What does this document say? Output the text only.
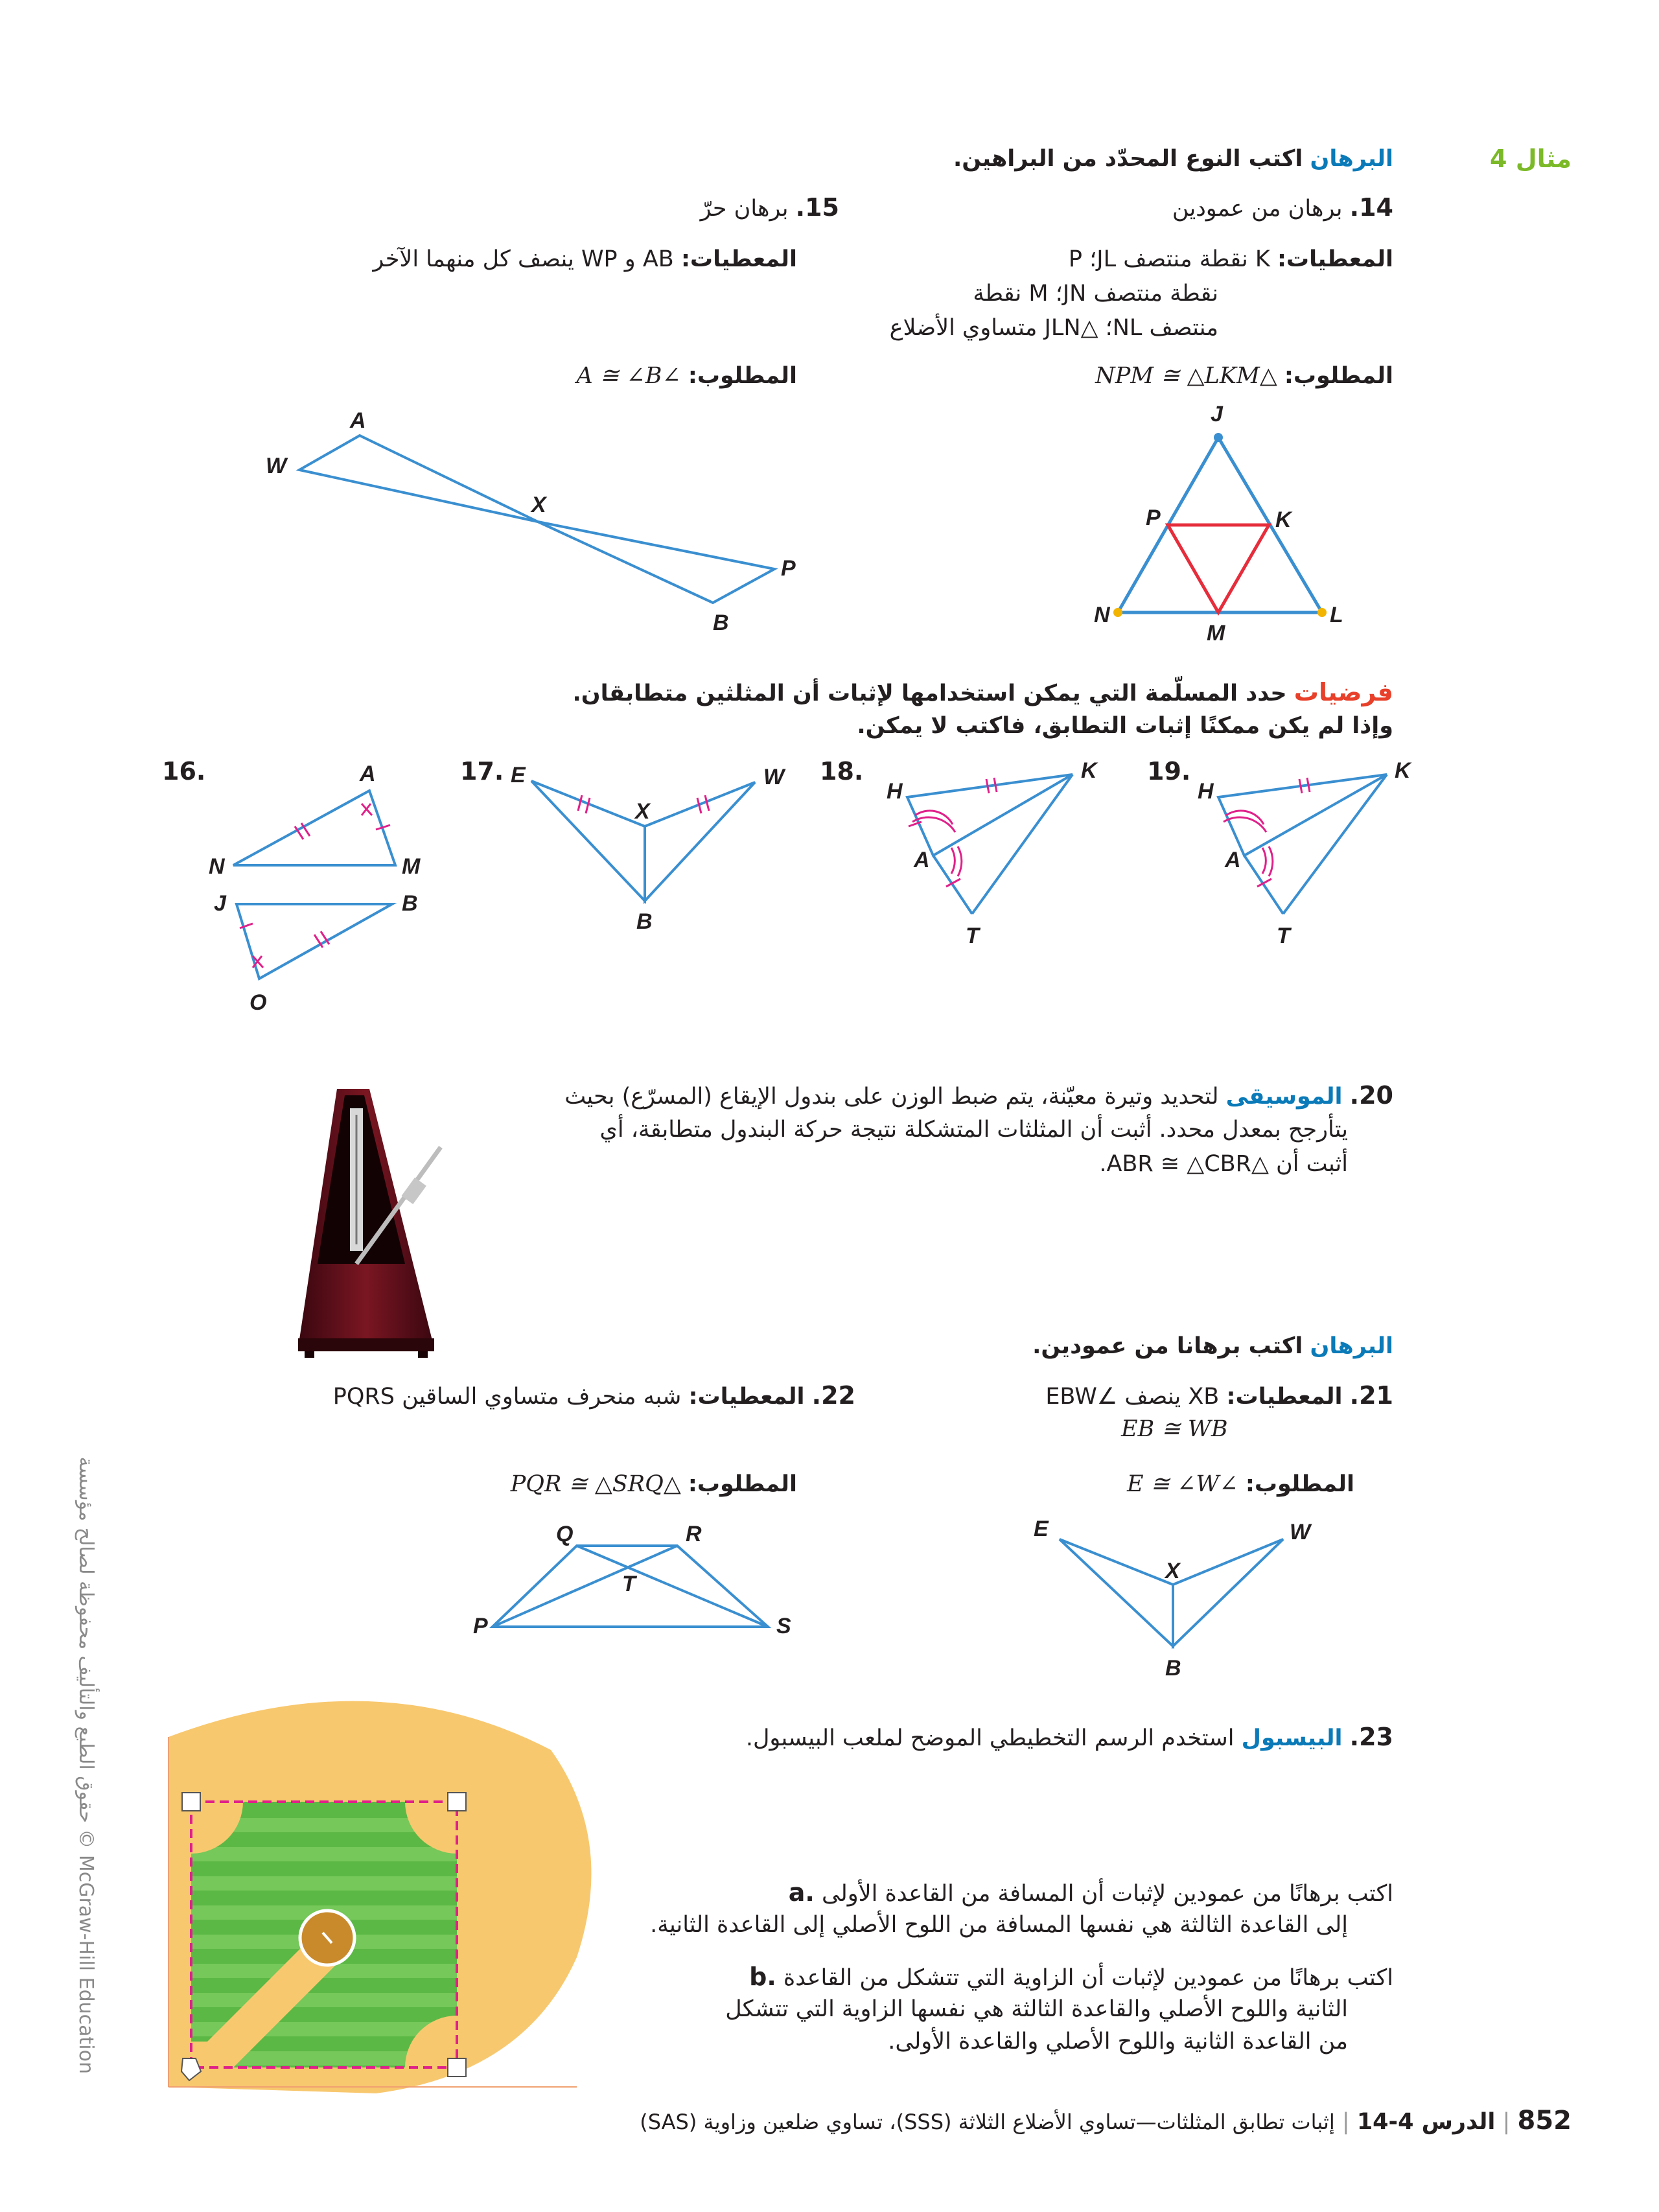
مثال 4
البرهان اكتب النوع المحدّد من البراهين.
14. برهان من عمودين
المعطيات: K نقطة منتصف JL؛ P
نقطة منتصف JN؛ M نقطة
منتصف NL؛ △JLN متساوي الأضلاع
المطلوب: △NPM ≅ △LKM
15. برهان حرّ
المعطيات: AB و WP ينصف كل منهما الآخر
المطلوب: ∠A ≅ ∠B
J
P	K
N
M
L
A
W
X
P
B
فرضيات حدد المسلّمة التي يمكن استخدامها لإثبات أن المثلثين متطابقان.
وإذا لم يكن ممكنًا إثبات التطابق، فاكتب لا يمكن.
16.	A
N	M
J	B
O
17. E
X
W
B
18.
H
K
A
T
19.
H
K
A
T
20. الموسيقى لتحديد وتيرة معيّنة، يتم ضبط الوزن على بندول الإيقاع (المسرّع) بحيث
يتأرجح بمعدل محدد. أثبت أن المثلثات المتشكلة نتيجة حركة البندول متطابقة، أي
أثبت أن △ABR ≅ △CBR.
البرهان اكتب برهانا من عمودين.
21. المعطيات: XB ينصف ∠EBW
EB ≅ WB
المطلوب: ∠E ≅ ∠W
22. المعطيات: شبه منحرف متساوي الساقين PQRS
المطلوب: △PQR ≅ △SRQ
E
X
W
B
Q	R
T
P	S
23. البيسبول استخدم الرسم التخطيطي الموضح لملعب البيسبول.
a. اكتب برهانًا من عمودين لإثبات أن المسافة من القاعدة الأولى
إلى القاعدة الثالثة هي نفسها المسافة من اللوح الأصلي إلى القاعدة الثانية.
b. اكتب برهانًا من عمودين لإثبات أن الزاوية التي تتشكل من القاعدة
الثانية واللوح الأصلي والقاعدة الثالثة هي نفسها الزاوية التي تتشكل
من القاعدة الثانية واللوح الأصلي والقاعدة الأولى.
McGraw-Hill Education © حقوق الطبع والتأليف محفوظة لصالح مؤسسة
852 | الدرس 4-14 | إثبات تطابق المثلثات—تساوي الأضلاع الثلاثة (SSS)، تساوي ضلعين وزاوية (SAS)
